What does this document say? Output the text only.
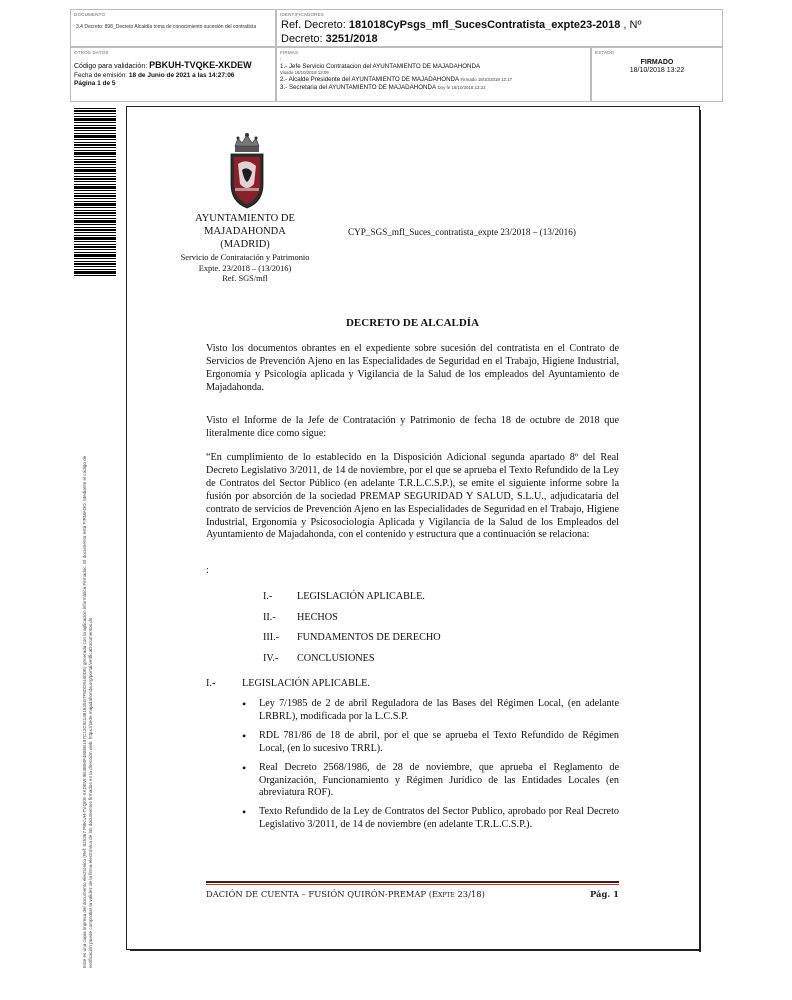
DOCUMENTO
3.4 Decreto: 898_Decreto Alcaldía toma de conocimiento sucesión del contratista
IDENTIFICADORES
Ref. Decreto: 181018CyPsgs_mfl_SucesContratista_expte23-2018 , Nº
Decreto: 3251/2018
OTROS DATOS
Código para validación: PBKUH-TVQKE-XKDEW
Fecha de emisión: 18 de Junio de 2021 a las 14:27:06
Página 1 de 5
FIRMAS
:
1.- Jefe Servicio Contratacion del AYUNTAMIENTO DE MAJADAHONDA
Visado 18/10/2018 12:09
2.- Alcalde Presidente del AYUNTAMIENTO DE MAJADAHONDA Firmado 18/10/2018 12:17
3.- Secretaria del AYUNTAMIENTO DE MAJADAHONDA Doy fe 18/10/2018 13:22
ESTADO
FIRMADO
18/10/2018 13:22
Este es una copia impresa del documento electrónico (Ref: 825367 PBKUH-TVQKE-XKDEW 9E4B94F4685E197C12C921381625D7F8DD9140DE) generada con la aplicación informática Firmadoc. El documento está FIRMADO. Mediante el código de verificación puede comprobar la validez de la firma electrónica de los documentos firmados en la dirección web: https://sede.majadahonda.org/portal/verificaDocumentos.do
AYUNTAMIENTO DE
MAJADAHONDA
(MADRID)
Servicio de Contratación y Patrimonio
Expte. 23/2018 – (13/2016)
Ref. SGS/mfl
CYP_SGS_mfl_Suces_contratista_expte 23/2018 – (13/2016)
DECRETO DE ALCALDÍA
Visto los documentos obrantes en el expediente sobre sucesión del contratista en el Contrato de Servicios de Prevención Ajeno en las Especialidades de Seguridad en el Trabajo, Higiene Industrial, Ergonomía y Psicología aplicada y Vigilancia de la Salud de los empleados del Ayuntamiento de Majadahonda.
Visto el Informe de la Jefe de Contratación y Patrimonio de fecha 18 de octubre de 2018 que literalmente dice como sigue:
“En cumplimiento de lo establecido en la Disposición Adicional segunda apartado 8º del Real Decreto Legislativo 3/2011, de 14 de noviembre, por el que se aprueba el Texto Refundido de la Ley de Contratos del Sector Público (en adelante T.R.L.C.S.P.), se emite el siguiente informe sobre la fusión por absorción de la sociedad PREMAP SEGURIDAD Y SALUD, S.L.U., adjudicataria del contrato de servicios de Prevención Ajeno en las Especialidades de Seguridad en el Trabajo, Higiene Industrial, Ergonomía y Psicosociología Aplicada y Vigilancia de la Salud de los Empleados del Ayuntamiento de Majadahonda, con el contenido y estructura que a continuación se relaciona:
:
I.- LEGISLACIÓN APLICABLE.
II.- HECHOS
III.- FUNDAMENTOS DE DERECHO
IV.- CONCLUSIONES
I.-	LEGISLACIÓN APLICABLE.
• Ley 7/1985 de 2 de abril Reguladora de las Bases del Régimen Local, (en adelante LRBRL), modificada por la L.C.S.P.
• RDL 781/86 de 18 de abril, por el que se aprueba el Texto Refundido de Régimen Local, (en lo sucesivo TRRL).
• Real Decreto 2568/1986, de 28 de noviembre, que aprueba el Reglamento de Organización, Funcionamiento y Régimen Jurídico de las Entidades Locales (en abreviatura ROF).
• Texto Refundido de la Ley de Contratos del Sector Publico, aprobado por Real Decreto Legislativo 3/2011, de 14 de noviembre (en adelante T.R.L.C.S.P.).
DACIÓN DE CUENTA – FUSIÓN QUIRÓN-PREMAP (Expte 23/18)	Pág. 1
